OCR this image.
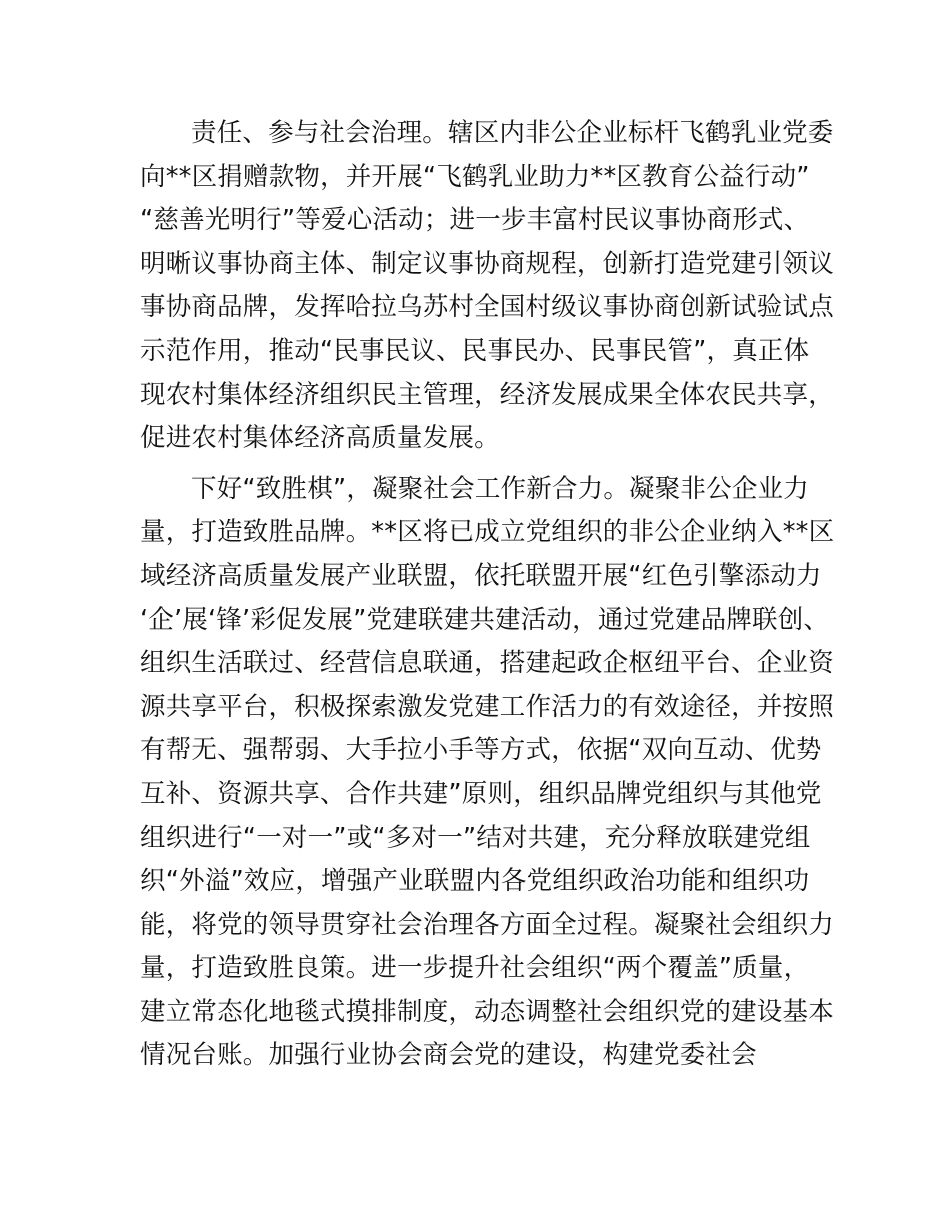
责任、参与社会治理。辖区内非公企业标杆飞鹤乳业党委
向**区捐赠款物，并开展“飞鹤乳业助力**区教育公益行动”
“慈善光明行”等爱心活动；进一步丰富村民议事协商形式、
明晰议事协商主体、制定议事协商规程，创新打造党建引领议
事协商品牌，发挥哈拉乌苏村全国村级议事协商创新试验试点
示范作用，推动“民事民议、民事民办、民事民管”，真正体
现农村集体经济组织民主管理，经济发展成果全体农民共享，
促进农村集体经济高质量发展。

下好“致胜棋”，凝聚社会工作新合力。凝聚非公企业力
量，打造致胜品牌。**区将已成立党组织的非公企业纳入**区
域经济高质量发展产业联盟，依托联盟开展“红色引擎添动力
‘企’展‘锋’彩促发展”党建联建共建活动，通过党建品牌联创、
组织生活联过、经营信息联通，搭建起政企枢纽平台、企业资
源共享平台，积极探索激发党建工作活力的有效途径，并按照
有帮无、强帮弱、大手拉小手等方式，依据“双向互动、优势
互补、资源共享、合作共建”原则，组织品牌党组织与其他党
组织进行“一对一”或“多对一”结对共建，充分释放联建党组
织“外溢”效应，增强产业联盟内各党组织政治功能和组织功
能，将党的领导贯穿社会治理各方面全过程。凝聚社会组织力
量，打造致胜良策。进一步提升社会组织“两个覆盖”质量，
建立常态化地毯式摸排制度，动态调整社会组织党的建设基本
情况台账。加强行业协会商会党的建设，构建党委社会
